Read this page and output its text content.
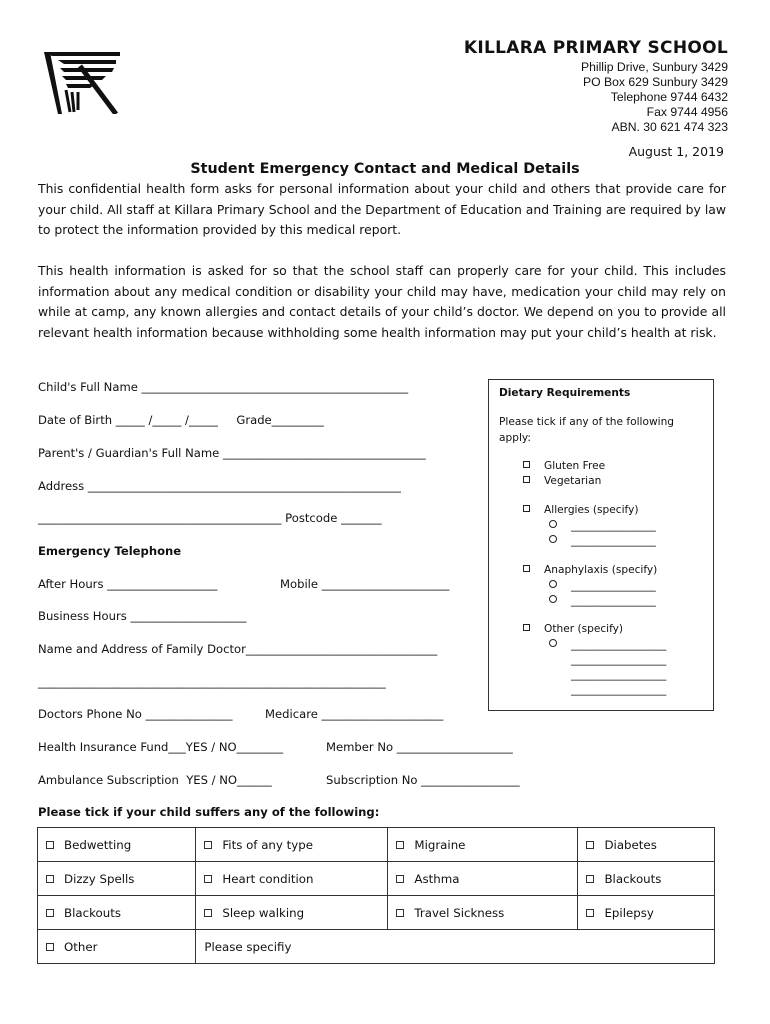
KILLARA PRIMARY SCHOOL
Phillip Drive, Sunbury 3429
PO Box 629 Sunbury 3429
Telephone 9744 6432
Fax 9744 4956
ABN. 30 621 474 323
August 1, 2019
Student Emergency Contact and Medical Details
This confidential health form asks for personal information about your child and others that provide care for your child. All staff at Killara Primary School and the Department of Education and Training are required by law to protect the information provided by this medical report.
This health information is asked for so that the school staff can properly care for your child. This includes information about any medical condition or disability your child may have, medication your child may rely on while at camp, any known allergies and contact details of your child’s doctor. We depend on you to provide all relevant health information because withholding some health information may put your child’s health at risk.
Child's Full Name ______________________________________________
Date of Birth _____ /_____ /_____     Grade_________
Parent's / Guardian's Full Name ___________________________________
Address ______________________________________________________
__________________________________________ Postcode _______
Emergency Telephone
After Hours ___________________	Mobile ______________________
Business Hours ____________________
Name and Address of Family Doctor_________________________________
____________________________________________________________
Doctors Phone No _______________	Medicare _____________________
Health Insurance Fund___YES / NO________	Member No ____________________
Ambulance Subscription  YES / NO______	Subscription No _________________
Please tick if your child suffers any of the following:
Dietary Requirements
Please tick if any of the following apply:
Gluten Free
Vegetarian
Allergies (specify)
________________
________________
Anaphylaxis (specify)
________________
________________
Other (specify)
__________________
__________________
__________________
__________________
Bedwetting	Fits of any type	Migraine	Diabetes
Dizzy Spells	Heart condition	Asthma	Blackouts
Blackouts	Sleep walking	Travel Sickness	Epilepsy
Other	Please specifiy		
